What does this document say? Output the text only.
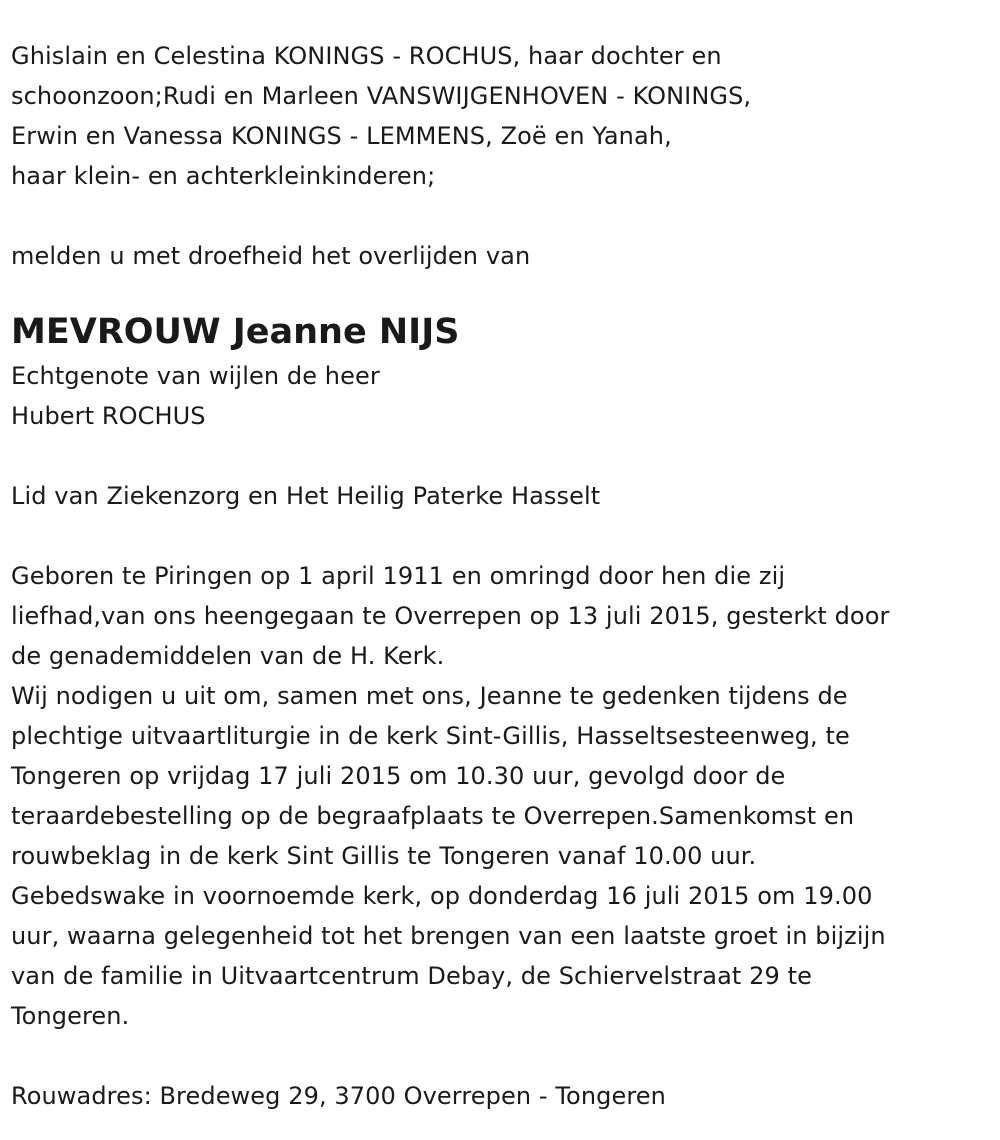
Ghislain en Celestina KONINGS - ROCHUS, haar dochter en
schoonzoon;Rudi en Marleen VANSWIJGENHOVEN - KONINGS,
Erwin en Vanessa KONINGS - LEMMENS, Zoë en Yanah,
haar klein- en achterkleinkinderen;
melden u met droefheid het overlijden van
MEVROUW Jeanne NIJS
Echtgenote van wijlen de heer
Hubert ROCHUS
Lid van Ziekenzorg en Het Heilig Paterke Hasselt
Geboren te Piringen op 1 april 1911 en omringd door hen die zij
liefhad,van ons heengegaan te Overrepen op 13 juli 2015, gesterkt door
de genademiddelen van de H. Kerk.
Wij nodigen u uit om, samen met ons, Jeanne te gedenken tijdens de
plechtige uitvaartliturgie in de kerk Sint-Gillis, Hasseltsesteenweg, te
Tongeren op vrijdag 17 juli 2015 om 10.30 uur, gevolgd door de
teraardebestelling op de begraafplaats te Overrepen.Samenkomst en
rouwbeklag in de kerk Sint Gillis te Tongeren vanaf 10.00 uur.
Gebedswake in voornoemde kerk, op donderdag 16 juli 2015 om 19.00
uur, waarna gelegenheid tot het brengen van een laatste groet in bijzijn
van de familie in Uitvaartcentrum Debay, de Schiervelstraat 29 te
Tongeren.
Rouwadres: Bredeweg 29, 3700 Overrepen - Tongeren
